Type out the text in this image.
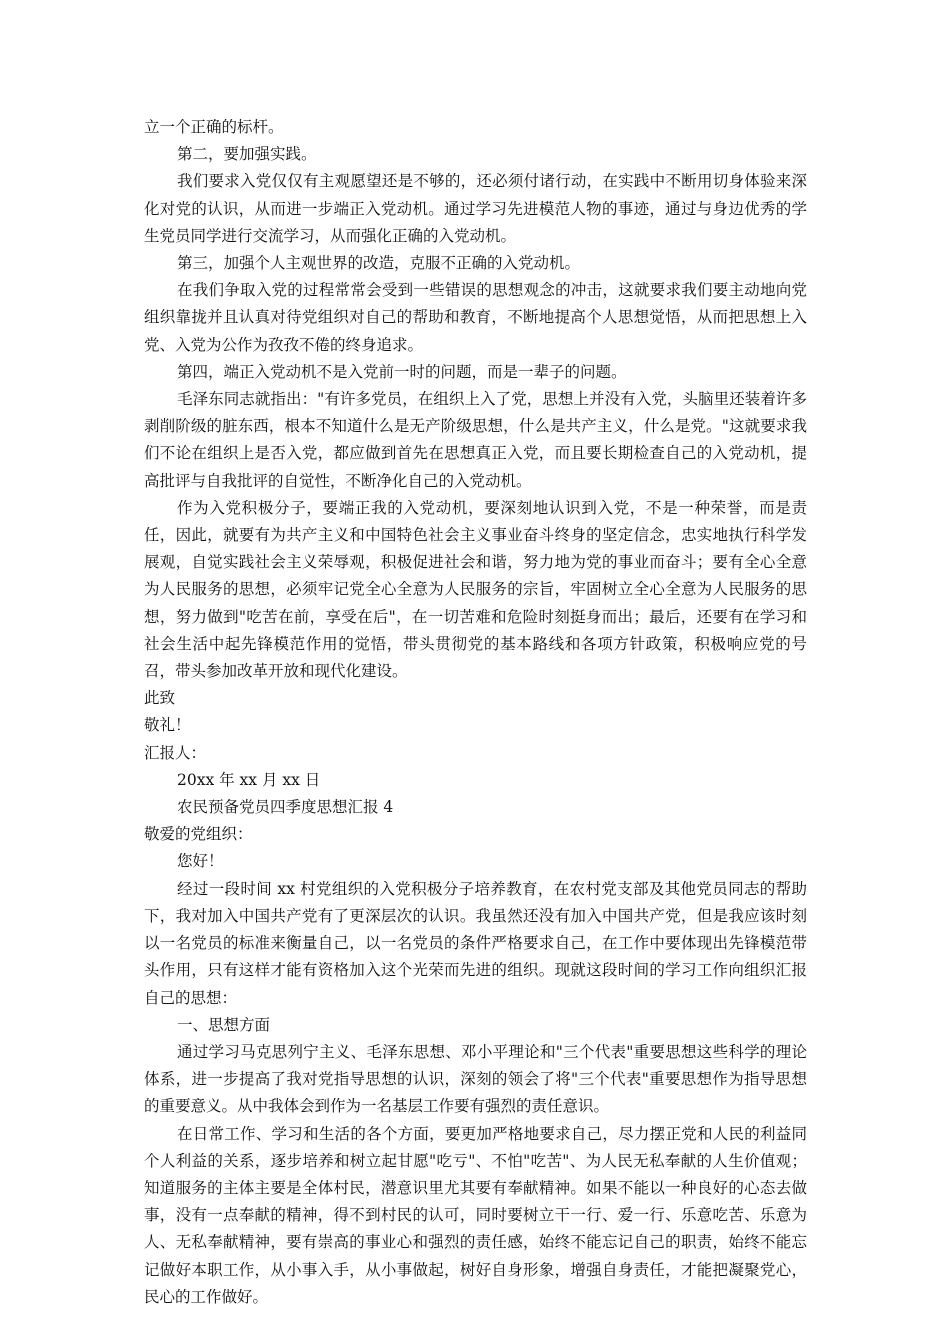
立一个正确的标杆。

第二，要加强实践。

我们要求入党仅仅有主观愿望还是不够的，还必须付诸行动，在实践中不断用切身体验来深化对党的认识，从而进一步端正入党动机。通过学习先进模范人物的事迹，通过与身边优秀的学生党员同学进行交流学习，从而强化正确的入党动机。

第三，加强个人主观世界的改造，克服不正确的入党动机。

在我们争取入党的过程常常会受到一些错误的思想观念的冲击，这就要求我们要主动地向党组织靠拢并且认真对待党组织对自己的帮助和教育，不断地提高个人思想觉悟，从而把思想上入党、入党为公作为孜孜不倦的终身追求。

第四，端正入党动机不是入党前一时的问题，而是一辈子的问题。

毛泽东同志就指出："有许多党员，在组织上入了党，思想上并没有入党，头脑里还装着许多剥削阶级的脏东西，根本不知道什么是无产阶级思想，什么是共产主义，什么是党。"这就要求我们不论在组织上是否入党，都应做到首先在思想真正入党，而且要长期检查自己的入党动机，提高批评与自我批评的自觉性，不断净化自己的入党动机。

作为入党积极分子，要端正我的入党动机，要深刻地认识到入党，不是一种荣誉，而是责任，因此，就要有为共产主义和中国特色社会主义事业奋斗终身的坚定信念，忠实地执行科学发展观，自觉实践社会主义荣辱观，积极促进社会和谐，努力地为党的事业而奋斗；要有全心全意为人民服务的思想，必须牢记党全心全意为人民服务的宗旨，牢固树立全心全意为人民服务的思想，努力做到"吃苦在前，享受在后"，在一切苦难和危险时刻挺身而出；最后，还要有在学习和社会生活中起先锋模范作用的觉悟，带头贯彻党的基本路线和各项方针政策，积极响应党的号召，带头参加改革开放和现代化建设。

此致

敬礼！

汇报人：

20xx 年 xx 月 xx 日

农民预备党员四季度思想汇报 4

敬爱的党组织：

您好！

经过一段时间 xx 村党组织的入党积极分子培养教育，在农村党支部及其他党员同志的帮助下，我对加入中国共产党有了更深层次的认识。我虽然还没有加入中国共产党，但是我应该时刻以一名党员的标准来衡量自己，以一名党员的条件严格要求自己，在工作中要体现出先锋模范带头作用，只有这样才能有资格加入这个光荣而先进的组织。现就这段时间的学习工作向组织汇报自己的思想：

一、思想方面

通过学习马克思列宁主义、毛泽东思想、邓小平理论和"三个代表"重要思想这些科学的理论体系，进一步提高了我对党指导思想的认识，深刻的领会了将"三个代表"重要思想作为指导思想的重要意义。从中我体会到作为一名基层工作要有强烈的责任意识。

在日常工作、学习和生活的各个方面，要更加严格地要求自己，尽力摆正党和人民的利益同个人利益的关系，逐步培养和树立起甘愿"吃亏"、不怕"吃苦"、为人民无私奉献的人生价值观；知道服务的主体主要是全体村民，潜意识里尤其要有奉献精神。如果不能以一种良好的心态去做事，没有一点奉献的精神，得不到村民的认可，同时要树立干一行、爱一行、乐意吃苦、乐意为人、无私奉献精神，要有崇高的事业心和强烈的责任感，始终不能忘记自己的职责，始终不能忘记做好本职工作，从小事入手，从小事做起，树好自身形象，增强自身责任，才能把凝聚党心，民心的工作做好。
